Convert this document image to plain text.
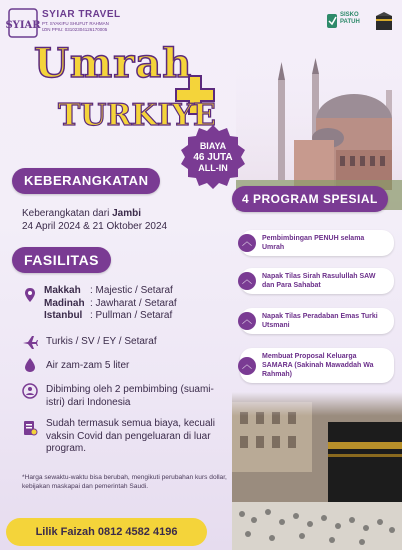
SYIAR
SYIAR TRAVEL
PT. SYAKIFU SHUFUT RAHMAN
IZIN PPIU: 03102304126170005
SISKO PATUH
Umrah
TURKIYE
BIAYA
46 JUTA
ALL-IN
KEBERANGKATAN
Keberangkatan dari Jambi
24 April 2024 & 21 Oktober 2024
FASILITAS
Makkah : Majestic / Setaraf
Madinah : Jawharat / Setaraf
Istanbul : Pullman / Setaraf
Turkis / SV / EY / Setaraf
Air zam-zam 5 liter
Dibimbing oleh 2 pembimbing (suami-istri) dari Indonesia
Sudah termasuk semua biaya, kecuali vaksin Covid dan pengeluaran di luar program.
*Harga sewaktu-waktu bisa berubah, mengikuti perubahan kurs dollar, kebijakan maskapai dan pemerintah Saudi.
Lilik Faizah 0812 4582 4196
4 PROGRAM SPESIAL
︿	Pembimbingan PENUH selama Umrah
︿	Napak Tilas Sirah Rasulullah SAW dan Para Sahabat
︿	Napak Tilas Peradaban Emas Turki Utsmani
︿
Membuat Proposal Keluarga SAMARA (Sakinah Mawaddah Wa Rahmah)
